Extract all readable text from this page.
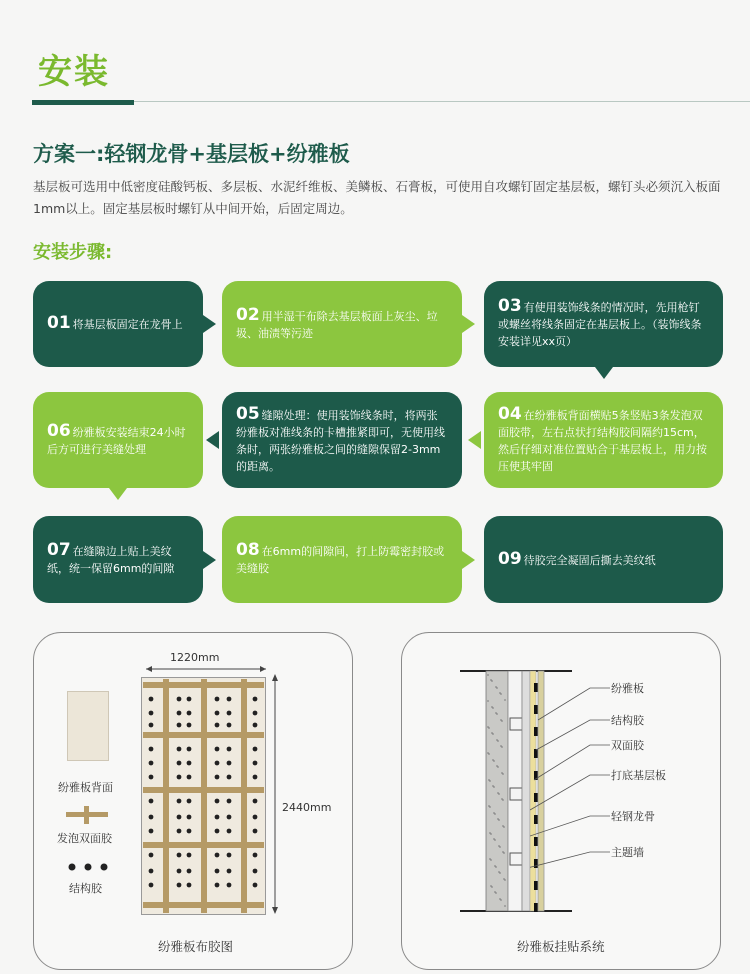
安装
方案一:轻钢龙骨+基层板+纷雅板
基层板可选用中低密度硅酸钙板、多层板、水泥纤维板、美鳞板、石膏板，可使用自攻螺钉固定基层板，螺钉头必须沉入板面1mm以上。固定基层板时螺钉从中间开始，后固定周边。
安装步骤:
01 将基层板固定在龙骨上	02 用半湿干布除去基层板面上灰尘、垃圾、油渍等污迹
03 有使用装饰线条的情况时，先用枪钉或螺丝将线条固定在基层板上。（装饰线条安装详见xx页）
06 纷雅板安装结束24小时后方可进行美缝处理
05 缝隙处理：使用装饰线条时，将两张纷雅板对准线条的卡槽推紧即可，无使用线条时，两张纷雅板之间的缝隙保留2-3mm的距离。
04 在纷雅板背面横贴5条竖贴3条发泡双面胶带，左右点状打结构胶间隔约15cm，然后仔细对准位置贴合于基层板上，用力按压使其牢固
07 在缝隙边上贴上美纹纸，统一保留6mm的间隙
08 在6mm的间隙间，打上防霉密封胶或美缝胶	09 待胶完全凝固后撕去美纹纸
1220mm
2440mm
纷雅板背面
发泡双面胶
结构胶
纷雅板布胶图
纷雅板
结构胶
双面胶
打底基层板
轻钢龙骨
主题墙
纷雅板挂贴系统
